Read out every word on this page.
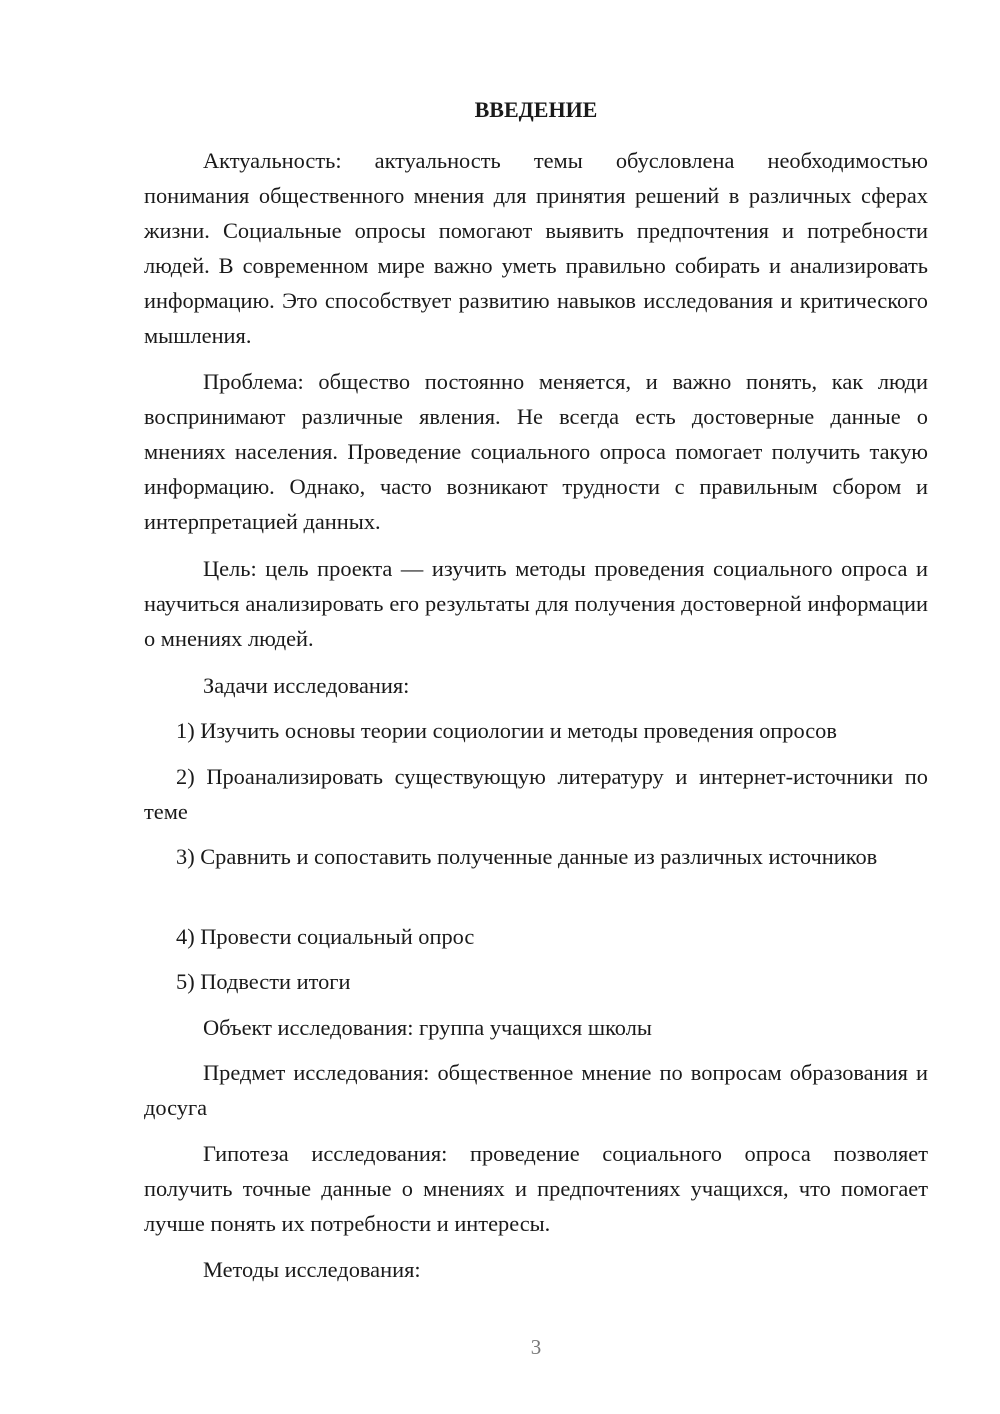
ВВЕДЕНИЕ

Актуальность: актуальность темы обусловлена необходимостью понимания общественного мнения для принятия решений в различных сферах жизни. Социальные опросы помогают выявить предпочтения и потребности людей. В современном мире важно уметь правильно собирать и анализировать информацию. Это способствует развитию навыков исследования и критического мышления.

Проблема: общество постоянно меняется, и важно понять, как люди воспринимают различные явления. Не всегда есть достоверные данные о мнениях населения. Проведение социального опроса помогает получить такую информацию. Однако, часто возникают трудности с правильным сбором и интерпретацией данных.

Цель: цель проекта — изучить методы проведения социального опроса и научиться анализировать его результаты для получения достоверной информации о мнениях людей.

Задачи исследования:

1) Изучить основы теории социологии и методы проведения опросов

2) Проанализировать существующую литературу и интернет-источники по теме

3) Сравнить и сопоставить полученные данные из различных источников

4) Провести социальный опрос

5) Подвести итоги

Объект исследования: группа учащихся школы

Предмет исследования: общественное мнение по вопросам образования и досуга

Гипотеза исследования: проведение социального опроса позволяет получить точные данные о мнениях и предпочтениях учащихся, что помогает лучше понять их потребности и интересы.

Методы исследования:

3
